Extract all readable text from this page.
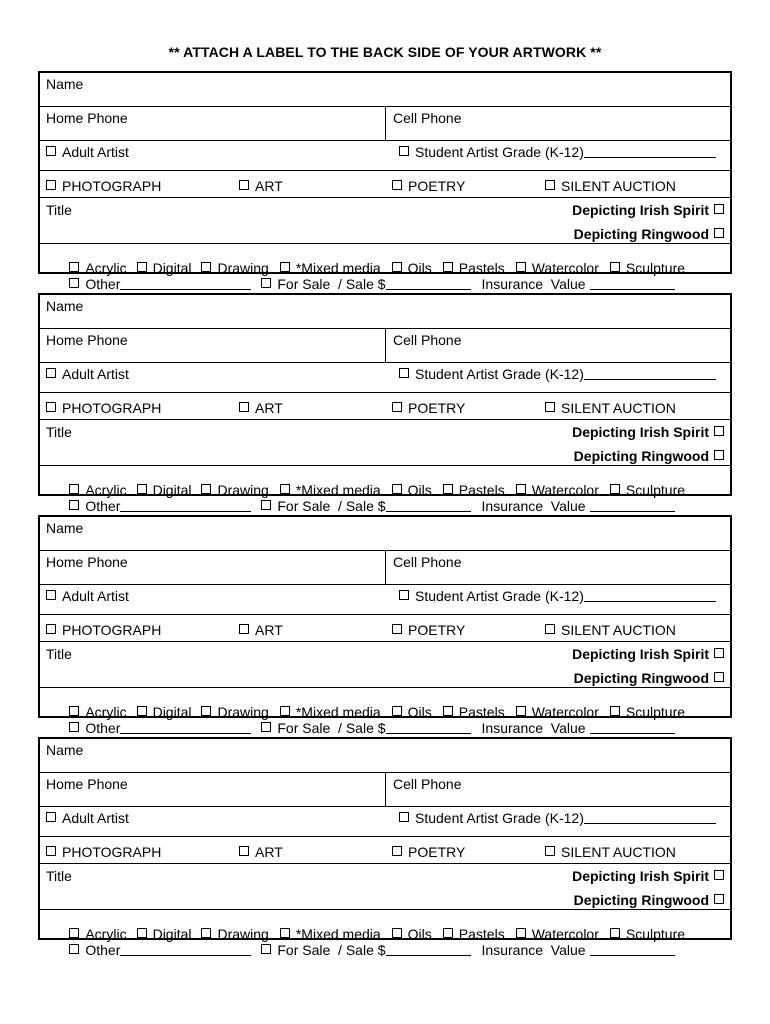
** ATTACH A LABEL TO THE BACK SIDE OF YOUR ARTWORK **
Name
Home Phone	Cell Phone
Adult Artist	Student Artist Grade (K-12)
PHOTOGRAPH	ART	POETRY	SILENT AUCTION
Title	Depicting Irish Spirit
Depicting Ringwood

Acrylic Digital Drawing *Mixed media Oils Pastels Watercolor Sculpture

Other	For Sale  / Sale $	Insurance  Value

Name
Home Phone	Cell Phone
Adult Artist	Student Artist Grade (K-12)
PHOTOGRAPH	ART	POETRY	SILENT AUCTION
Title	Depicting Irish Spirit
Depicting Ringwood

Acrylic Digital Drawing *Mixed media Oils Pastels Watercolor Sculpture

Other	For Sale  / Sale $	Insurance  Value

Name
Home Phone	Cell Phone
Adult Artist	Student Artist Grade (K-12)
PHOTOGRAPH	ART	POETRY	SILENT AUCTION
Title	Depicting Irish Spirit
Depicting Ringwood

Acrylic Digital Drawing *Mixed media Oils Pastels Watercolor Sculpture

Other	For Sale  / Sale $	Insurance  Value

Name
Home Phone	Cell Phone
Adult Artist	Student Artist Grade (K-12)
PHOTOGRAPH	ART	POETRY	SILENT AUCTION
Title	Depicting Irish Spirit
Depicting Ringwood

Acrylic Digital Drawing *Mixed media Oils Pastels Watercolor Sculpture

Other	For Sale  / Sale $	Insurance  Value
